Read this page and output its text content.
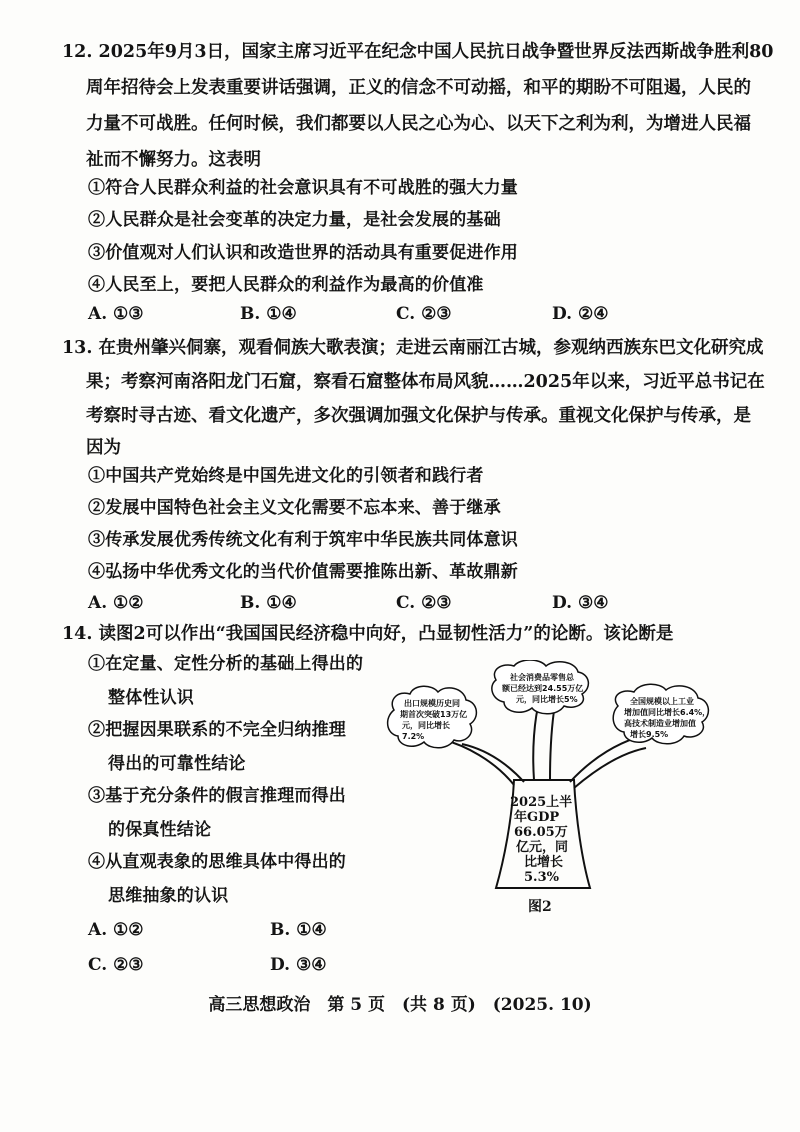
12. 2025年9月3日，国家主席习近平在纪念中国人民抗日战争暨世界反法西斯战争胜利80
周年招待会上发表重要讲话强调，正义的信念不可动摇，和平的期盼不可阻遏，人民的
力量不可战胜。任何时候，我们都要以人民之心为心、以天下之利为利，为增进人民福
祉而不懈努力。这表明
①符合人民群众利益的社会意识具有不可战胜的强大力量
②人民群众是社会变革的决定力量，是社会发展的基础
③价值观对人们认识和改造世界的活动具有重要促进作用
④人民至上，要把人民群众的利益作为最高的价值准
A. ①③	B. ①④	C. ②③	D. ②④
13. 在贵州肇兴侗寨，观看侗族大歌表演；走进云南丽江古城，参观纳西族东巴文化研究成
果；考察河南洛阳龙门石窟，察看石窟整体布局风貌……2025年以来，习近平总书记在
考察时寻古迹、看文化遗产，多次强调加强文化保护与传承。重视文化保护与传承，是
因为
①中国共产党始终是中国先进文化的引领者和践行者
②发展中国特色社会主义文化需要不忘本来、善于继承
③传承发展优秀传统文化有利于筑牢中华民族共同体意识
④弘扬中华优秀文化的当代价值需要推陈出新、革故鼎新
A. ①②	B. ①④	C. ②③	D. ③④
14. 读图2可以作出“我国国民经济稳中向好，凸显韧性活力”的论断。该论断是
①在定量、定性分析的基础上得出的
整体性认识
②把握因果联系的不完全归纳推理
得出的可靠性结论
③基于充分条件的假言推理而得出
的保真性结论
④从直观表象的思维具体中得出的
思维抽象的认识
A. ①②	B. ①④
C. ②③	D. ③④
出口规模历史同
期首次突破13万亿
元，同比增长
7.2%
社会消费品零售总
额已经达到24.55万亿
元，同比增长5%	全国规模以上工业
增加值同比增长6.4%，
高技术制造业增加值
增长9.5%
2025上半
年GDP
66.05万
亿元，同
比增长
5.3%
图2
高三思想政治　第 5 页　(共 8 页)　(2025. 10)
